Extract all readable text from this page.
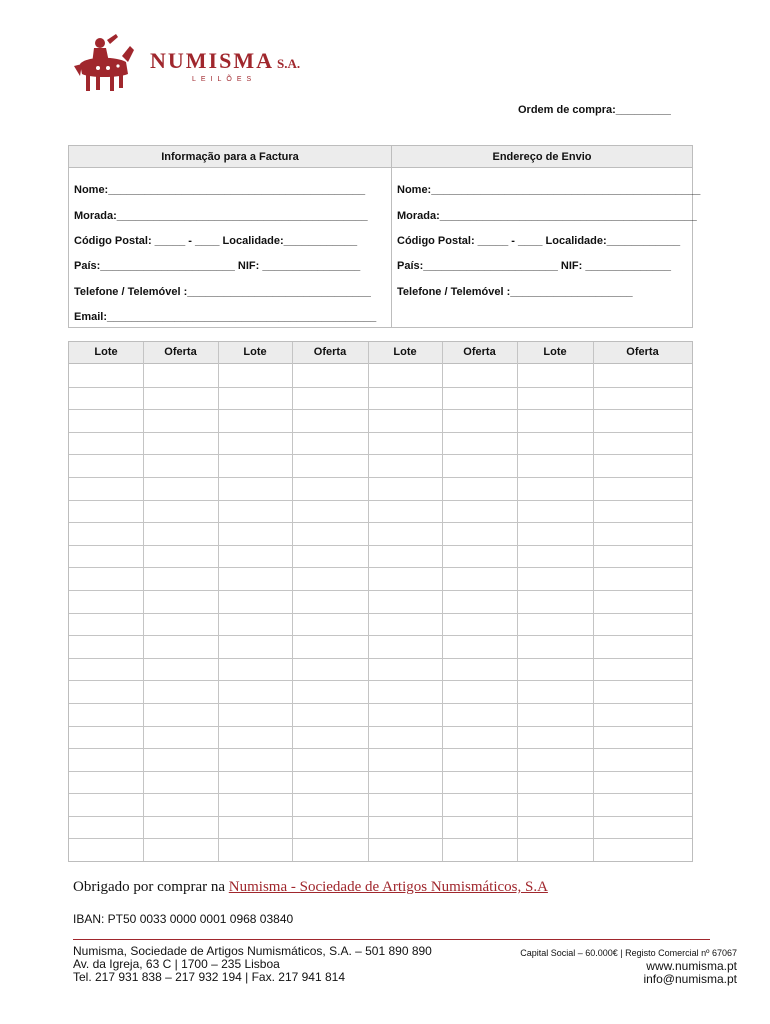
NUMISMA S.A.
LEILÕES
Ordem de compra:_________
Informação para a Factura
Nome:__________________________________________
Morada:_________________________________________
Código Postal: _____ - ____ Localidade:____________
País:______________________ NIF: ________________
Telefone / Telemóvel :______________________________
Email:____________________________________________
Endereço de Envio
Nome:____________________________________________
Morada:__________________________________________
Código Postal: _____ - ____ Localidade:____________
País:______________________ NIF: ______________
Telefone / Telemóvel :____________________
Lote	Oferta	Lote	Oferta	Lote	Oferta	Lote	Oferta
Obrigado por comprar na Numisma - Sociedade de Artigos Numismáticos, S.A
IBAN: PT50 0033 0000 0001 0968 03840
Numisma, Sociedade de Artigos Numismáticos, S.A. – 501 890 890
Av. da Igreja, 63 C | 1700 – 235 Lisboa
Tel. 217 931 838 – 217 932 194 | Fax. 217 941 814
Capital Social – 60.000€ | Registo Comercial nº 67067
www.numisma.pt
info@numisma.pt
